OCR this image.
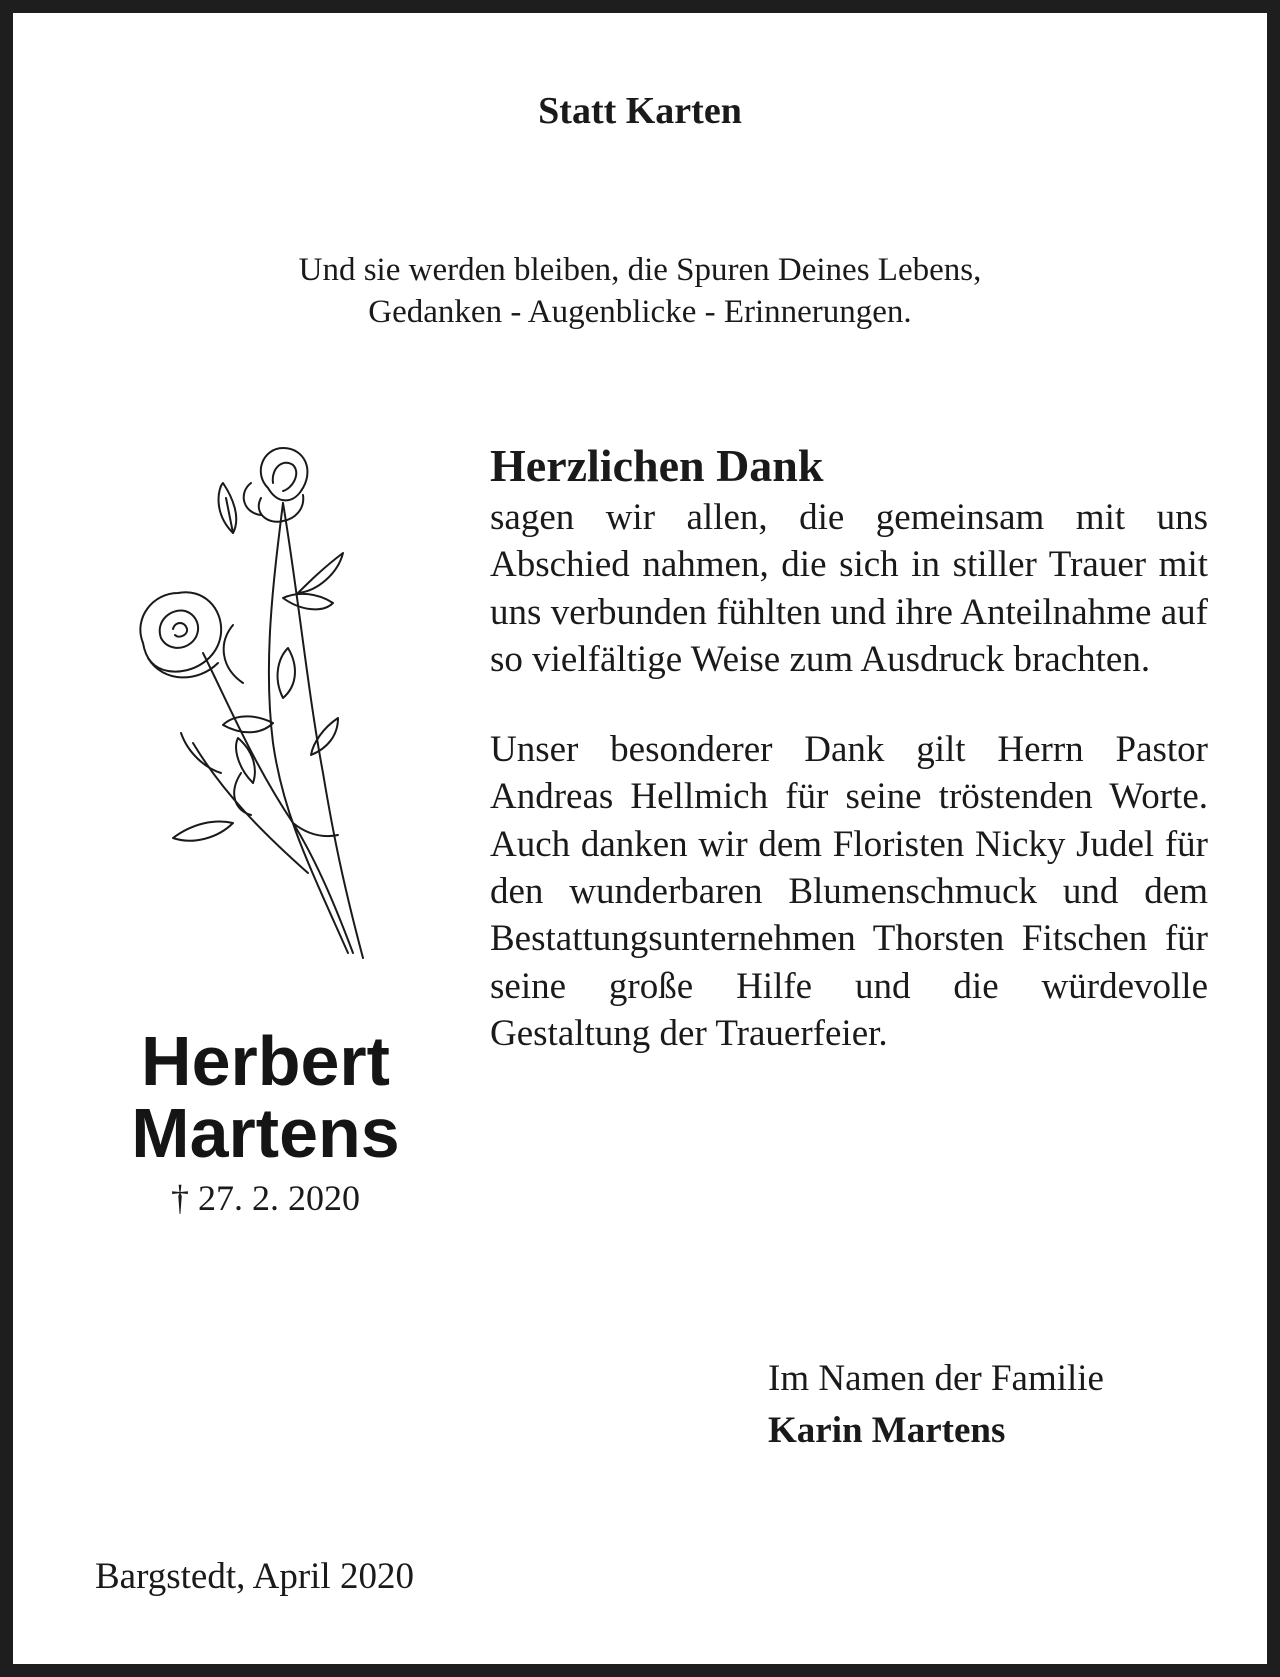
Statt Karten
Und sie werden bleiben, die Spuren Deines Lebens,
Gedanken - Augenblicke - Erinnerungen.
Herbert
Martens
† 27. 2. 2020
Herzlichen Dank
sagen wir allen, die gemeinsam mit uns Abschied nahmen, die sich in stiller Trauer mit uns verbunden fühlten und ihre Anteilnahme auf so vielfältige Weise zum Ausdruck brachten.
Unser besonderer Dank gilt Herrn Pastor Andreas Hellmich für seine tröstenden Worte. Auch danken wir dem Floristen Nicky Judel für den wunderbaren Blumenschmuck und dem Bestattungsunternehmen Thorsten Fitschen für seine große Hilfe und die würdevolle Gestaltung der Trauerfeier.
Im Namen der Familie
Karin Martens
Bargstedt, April 2020
